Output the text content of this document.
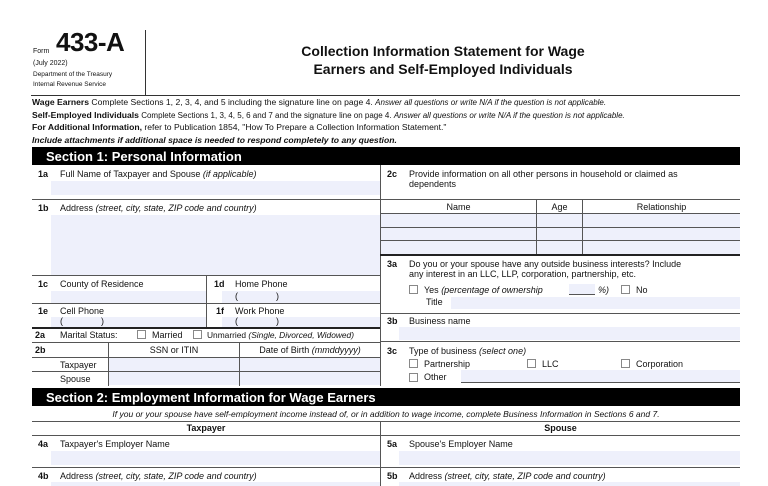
Form 433-A
(July 2022)
Department of the Treasury
Internal Revenue Service
Collection Information Statement for Wage
Earners and Self-Employed Individuals
Wage Earners Complete Sections 1, 2, 3, 4, and 5 including the signature line on page 4. Answer all questions or write N/A if the question is not applicable.
Self-Employed Individuals Complete Sections 1, 3, 4, 5, 6 and 7 and the signature line on page 4. Answer all questions or write N/A if the question is not applicable.
For Additional Information, refer to Publication 1854, "How To Prepare a Collection Information Statement."
Include attachments if additional space is needed to respond completely to any question.
Section 1: Personal Information
1a Full Name of Taxpayer and Spouse (if applicable)
1b Address (street, city, state, ZIP code and country)
1c County of Residence	1d Home Phone
(	)
1e Cell Phone
(	)
1f Work Phone
(	)
2a Marital Status:	Married	Unmarried (Single, Divorced, Widowed)
2b	SSN or ITIN	Date of Birth (mmddyyyy)
Taxpayer
Spouse
2c Provide information on all other persons in household or claimed as
dependents
Name	Age	Relationship
3a Do you or your spouse have any outside business interests? Include
any interest in an LLC, LLP, corporation, partnership, etc.
Yes (percentage of ownership	%)	No
Title
3b Business name
3c Type of business (select one)
Partnership	LLC	Corporation
Other
Section 2: Employment Information for Wage Earners
If you or your spouse have self-employment income instead of, or in addition to wage income, complete Business Information in Sections 6 and 7.
Taxpayer	Spouse
4a Taxpayer's Employer Name	5a Spouse's Employer Name
4b Address (street, city, state, ZIP code and country)	5b Address (street, city, state, ZIP code and country)
